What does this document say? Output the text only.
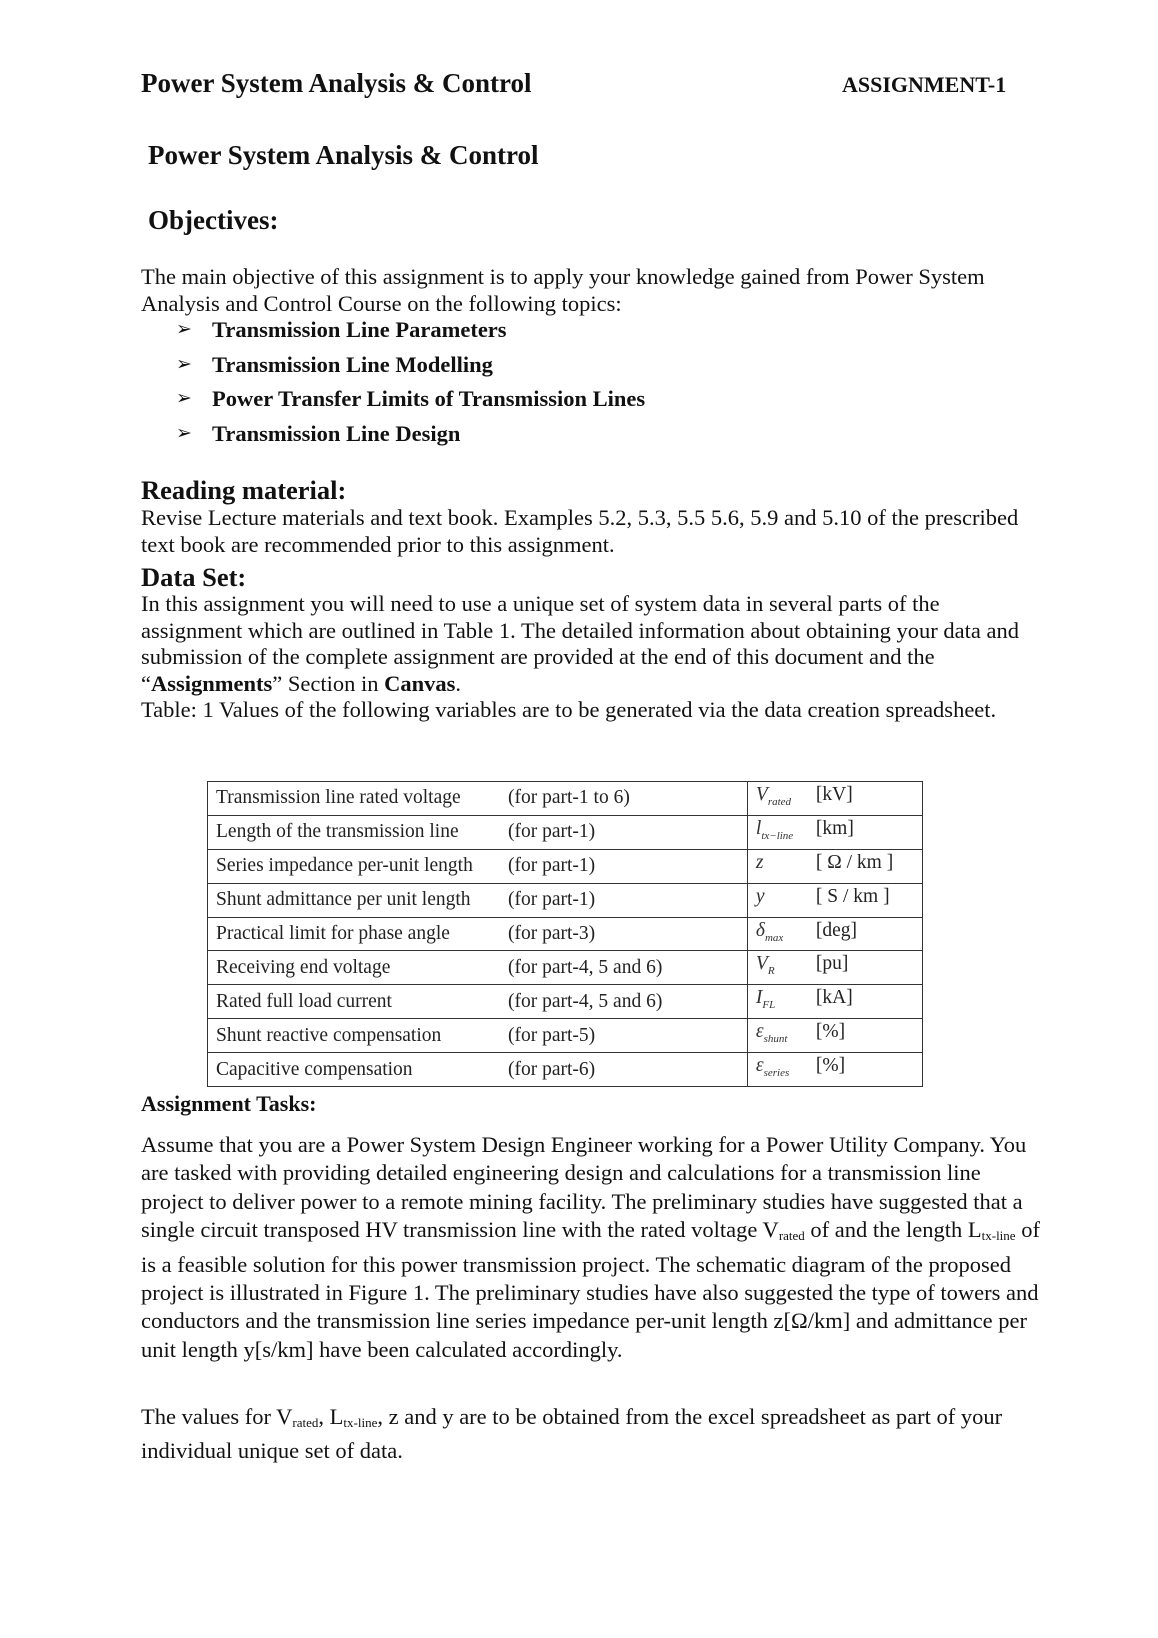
Power System Analysis & Control	ASSIGNMENT-1
Power System Analysis & Control
Objectives:
The main objective of this assignment is to apply your knowledge gained from Power System Analysis and Control Course on the following topics:
➢ Transmission Line Parameters
➢ Transmission Line Modelling
➢ Power Transfer Limits of Transmission Lines
➢ Transmission Line Design
Reading material:
Revise Lecture materials and text book. Examples 5.2, 5.3, 5.5 5.6, 5.9 and 5.10 of the prescribed text book are recommended prior to this assignment.
Data Set:
In this assignment you will need to use a unique set of system data in several parts of the assignment which are outlined in Table 1. The detailed information about obtaining your data and submission of the complete assignment are provided at the end of this document and the “Assignments” Section in Canvas.
Table: 1 Values of the following variables are to be generated via the data creation spreadsheet.
Transmission line rated voltage (for part-1 to 6)	$V_{rated}$ [kV]
Length of the transmission line (for part-1)	$l_{tx-line}$ [km]
Series impedance per-unit length (for part-1)	z [ Ω / km ]
Shunt admittance per unit length (for part-1)	y [ S / km ]
Practical limit for phase angle (for part-3)	$\delta_{max}$ [deg]
Receiving end voltage (for part-4, 5 and 6)	$V_R$ [pu]
Rated full load current (for part-4, 5 and 6)	$I_{FL}$ [kA]
Shunt reactive compensation (for part-5)	$\varepsilon_{shunt}$ [%]
Capacitive compensation (for part-6)	$\varepsilon_{series}$ [%]
Assignment Tasks:
Assume that you are a Power System Design Engineer working for a Power Utility Company. You are tasked with providing detailed engineering design and calculations for a transmission line project to deliver power to a remote mining facility. The preliminary studies have suggested that a single circuit transposed HV transmission line with the rated voltage $V_{rated}$ of and the length $L_{tx-line}$ of is a feasible solution for this power transmission project. The schematic diagram of the proposed project is illustrated in Figure 1. The preliminary studies have also suggested the type of towers and conductors and the transmission line series impedance per-unit length z[Ω/km] and admittance per unit length y[s/km] have been calculated accordingly.
The values for $V_{rated}$, $L_{tx-line}$, z and y are to be obtained from the excel spreadsheet as part of your individual unique set of data.
